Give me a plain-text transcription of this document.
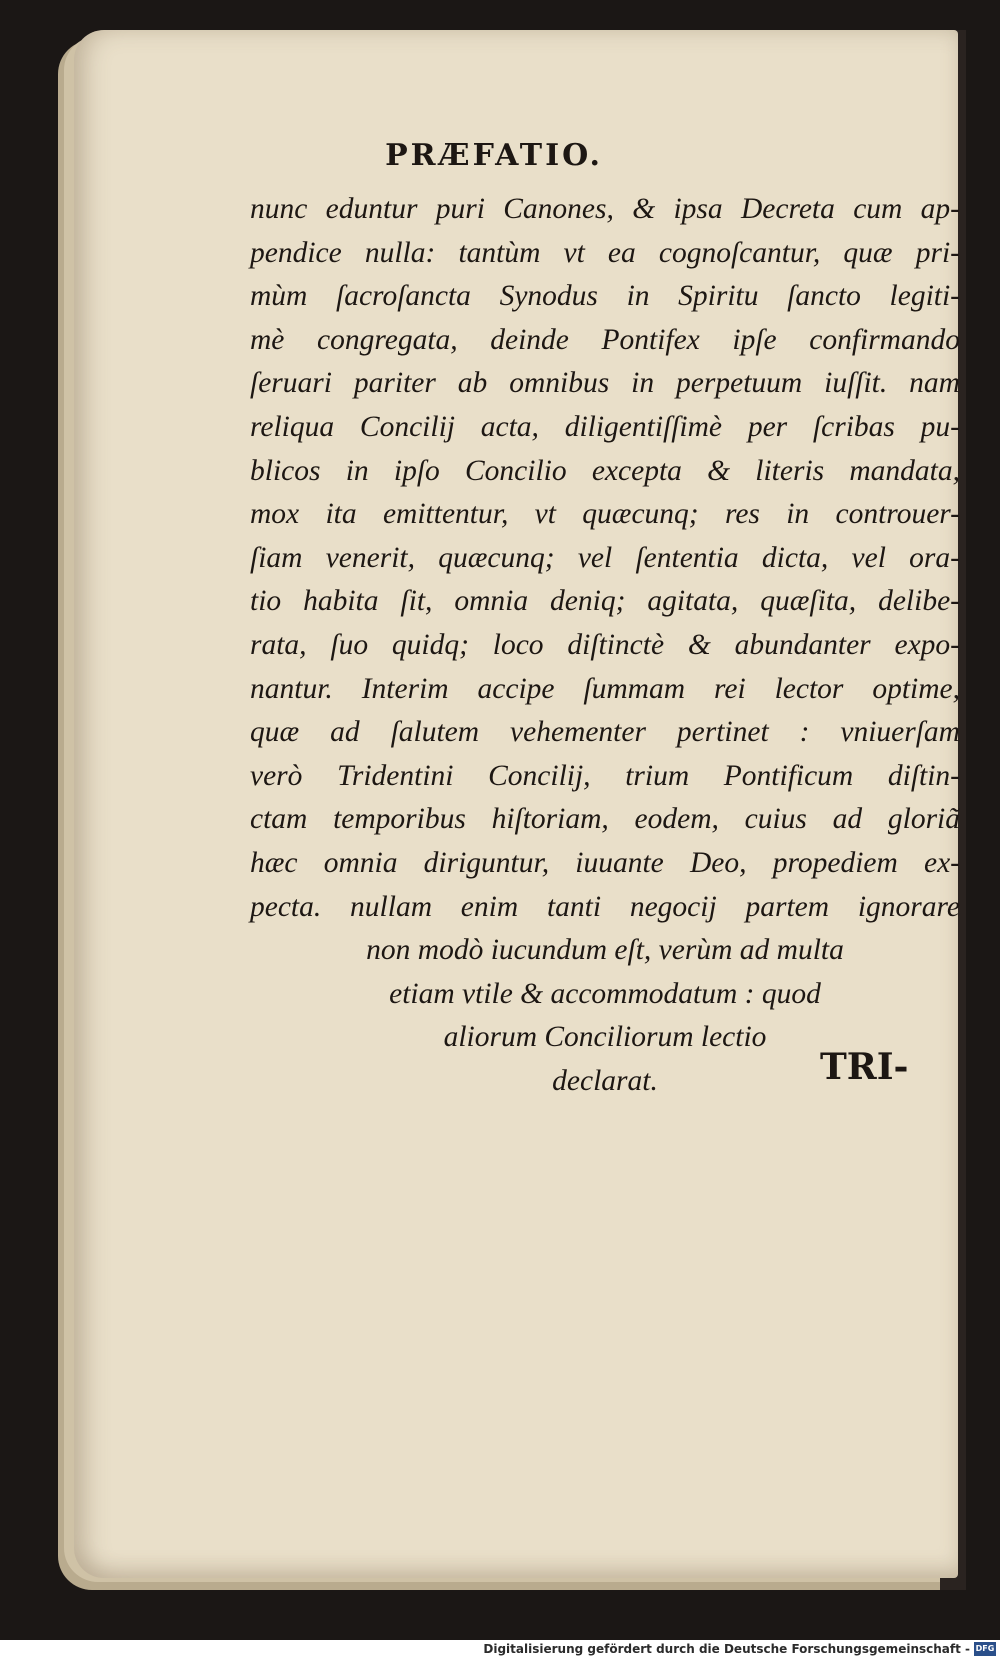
PRÆFATIO.
nunc eduntur puri Canones, & ipsa Decreta cum ap-
pendice nulla: tantùm vt ea cognoſcantur, quæ pri-
mùm ſacroſancta Synodus in Spiritu ſancto legiti-
mè congregata, deinde Pontifex ipſe confirmando
ſeruari pariter ab omnibus in perpetuum iuſſit. nam
reliqua Concilij acta, diligentiſſimè per ſcribas pu-
blicos in ipſo Concilio excepta & literis mandata,
mox ita emittentur, vt quæcunq; res in controuer-
ſiam venerit, quæcunq; vel ſententia dicta, vel ora-
tio habita ſit, omnia deniq; agitata, quæſita, delibe-
rata, ſuo quidq; loco diſtinctè & abundanter expo-
nantur. Interim accipe ſummam rei lector optime,
quæ ad ſalutem vehementer pertinet : vniuerſam
verò Tridentini Concilij, trium Pontificum diſtin-
ctam temporibus hiſtoriam, eodem, cuius ad gloriã
hæc omnia diriguntur, iuuante Deo, propediem ex-
pecta. nullam enim tanti negocij partem ignorare
non modò iucundum eſt, verùm ad multa
etiam vtile & accommodatum : quod
aliorum Conciliorum lectio
declarat.	TRI-
Digitalisierung gefördert durch die Deutsche Forschungsgemeinschaft - DFG
